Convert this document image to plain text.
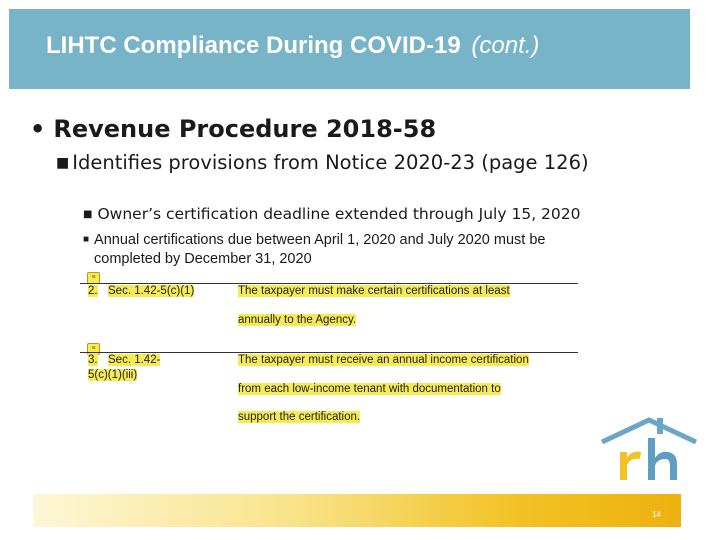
LIHTC Compliance During COVID-19 (cont.)
• Revenue Procedure 2018-58
■ Identifies provisions from Notice 2020-23 (page 126)
■ Owner’s certification deadline extended through July 15, 2020
■ Annual certifications due between April 1, 2020 and July 2020 must be
completed by December 31, 2020
≡
2. Sec. 1.42-5(c)(1)	The taxpayer must make certain certifications at least
annually to the Agency.
≡
3. Sec. 1.42-
5(c)(1)(iii)
The taxpayer must receive an annual income certification
from each low-income tenant with documentation to
support the certification.
14
